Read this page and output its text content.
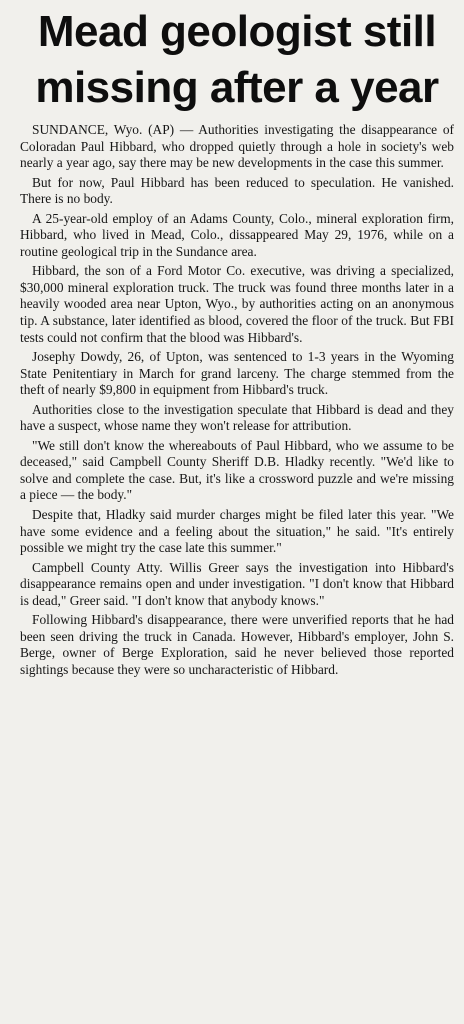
Mead geologist still
missing after a year

SUNDANCE, Wyo. (AP) — Authorities investigating the disappearance of Coloradan Paul Hibbard, who dropped quietly through a hole in society's web nearly a year ago, say there may be new developments in the case this summer.

But for now, Paul Hibbard has been reduced to speculation. He vanished. There is no body.

A 25-year-old employ of an Adams County, Colo., mineral exploration firm, Hibbard, who lived in Mead, Colo., dissappeared May 29, 1976, while on a routine geological trip in the Sundance area.

Hibbard, the son of a Ford Motor Co. executive, was driving a specialized, $30,000 mineral exploration truck. The truck was found three months later in a heavily wooded area near Upton, Wyo., by authorities acting on an anonymous tip. A substance, later identified as blood, covered the floor of the truck. But FBI tests could not confirm that the blood was Hibbard's.

Josephy Dowdy, 26, of Upton, was sentenced to 1-3 years in the Wyoming State Penitentiary in March for grand larceny. The charge stemmed from the theft of nearly $9,800 in equipment from Hibbard's truck.

Authorities close to the investigation speculate that Hibbard is dead and they have a suspect, whose name they won't release for attribution.

"We still don't know the whereabouts of Paul Hibbard, who we assume to be deceased," said Campbell County Sheriff D.B. Hladky recently. "We'd like to solve and complete the case. But, it's like a crossword puzzle and we're missing a piece — the body."

Despite that, Hladky said murder charges might be filed later this year. "We have some evidence and a feeling about the situation," he said. "It's entirely possible we might try the case late this summer."

Campbell County Atty. Willis Greer says the investigation into Hibbard's disappearance remains open and under investigation. "I don't know that Hibbard is dead," Greer said. "I don't know that anybody knows."

Following Hibbard's disappearance, there were unverified reports that he had been seen driving the truck in Canada. However, Hibbard's employer, John S. Berge, owner of Berge Exploration, said he never believed those reported sightings because they were so uncharacteristic of Hibbard.
